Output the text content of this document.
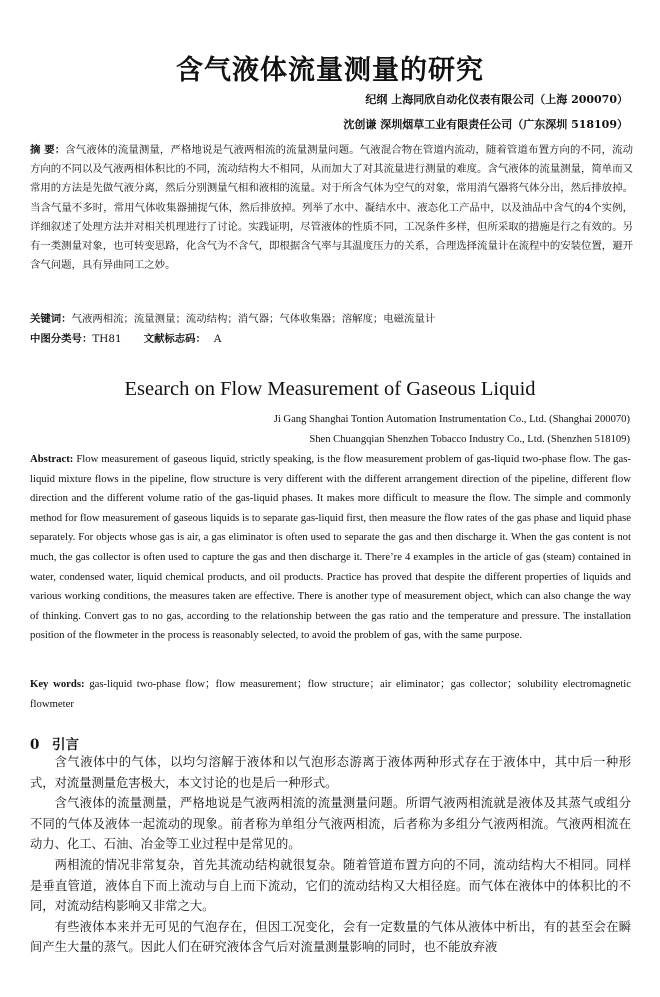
含气液体流量测量的研究
纪纲 上海同欣自动化仪表有限公司（上海 200070）
沈创谦 深圳烟草工业有限责任公司（广东深圳 518109）
摘 要：含气液体的流量测量，严格地说是气液两相流的流量测量问题。气液混合物在管道内流动，随着管道布置方向的不同，流动方向的不同以及气液两相体积比的不同，流动结构大不相同，从而加大了对其流量进行测量的难度。含气液体的流量测量，简单而又常用的方法是先做气液分离，然后分别测量气相和液相的流量。对于所含气体为空气的对象，常用消气器将气体分出，然后排放掉。当含气量不多时，常用气体收集器捕捉气体，然后排放掉。列举了水中、凝结水中、液态化工产品中，以及油品中含气的4个实例，详细叙述了处理方法并对相关机理进行了讨论。实践证明，尽管液体的性质不同，工况条件多样，但所采取的措施是行之有效的。另有一类测量对象，也可转变思路，化含气为不含气，即根据含气率与其温度压力的关系，合理选择流量计在流程中的安装位置，避开含气问题，具有异曲同工之妙。
关键词：气液两相流；流量测量；流动结构；消气器；气体收集器；溶解度；电磁流量计
中图分类号：TH81 文献标志码： A
Esearch on Flow Measurement of Gaseous Liquid
Ji Gang Shanghai Tontion Automation Instrumentation Co., Ltd. (Shanghai 200070)
Shen Chuangqian Shenzhen Tobacco Industry Co., Ltd. (Shenzhen 518109)
Abstract: Flow measurement of gaseous liquid, strictly speaking, is the flow measurement problem of gas-liquid two-phase flow. The gas-liquid mixture flows in the pipeline, flow structure is very different with the different arrangement direction of the pipeline, different flow direction and the different volume ratio of the gas-liquid phases. It makes more difficult to measure the flow. The simple and commonly method for flow measurement of gaseous liquids is to separate gas-liquid first, then measure the flow rates of the gas phase and liquid phase separately. For objects whose gas is air, a gas eliminator is often used to separate the gas and then discharge it. When the gas content is not much, the gas collector is often used to capture the gas and then discharge it. There’re 4 examples in the article of gas (steam) contained in water, condensed water, liquid chemical products, and oil products. Practice has proved that despite the different properties of liquids and various working conditions, the measures taken are effective. There is another type of measurement object, which can also change the way of thinking. Convert gas to no gas, according to the relationship between the gas ratio and the temperature and pressure. The installation position of the flowmeter in the process is reasonably selected, to avoid the problem of gas, with the same purpose.
Key words: gas-liquid two-phase flow；flow measurement；flow structure；air eliminator；gas collector；solubility electromagnetic flowmeter
0 引言

含气液体中的气体，以均匀溶解于液体和以气泡形态游离于液体两种形式存在于液体中，其中后一种形式，对流量测量危害极大，本文讨论的也是后一种形式。

含气液体的流量测量，严格地说是气液两相流的流量测量问题。所谓气液两相流就是液体及其蒸气或组分不同的气体及液体一起流动的现象。前者称为单组分气液两相流，后者称为多组分气液两相流。气液两相流在动力、化工、石油、冶金等工业过程中是常见的。

两相流的情况非常复杂，首先其流动结构就很复杂。随着管道布置方向的不同，流动结构大不相同。同样是垂直管道，液体自下而上流动与自上而下流动，它们的流动结构又大相径庭。而气体在液体中的体积比的不同，对流动结构影响又非常之大。

有些液体本来并无可见的气泡存在，但因工况变化，会有一定数量的气体从液体中析出，有的甚至会在瞬间产生大量的蒸气。因此人们在研究液体含气后对流量测量影响的同时，也不能放弃液
